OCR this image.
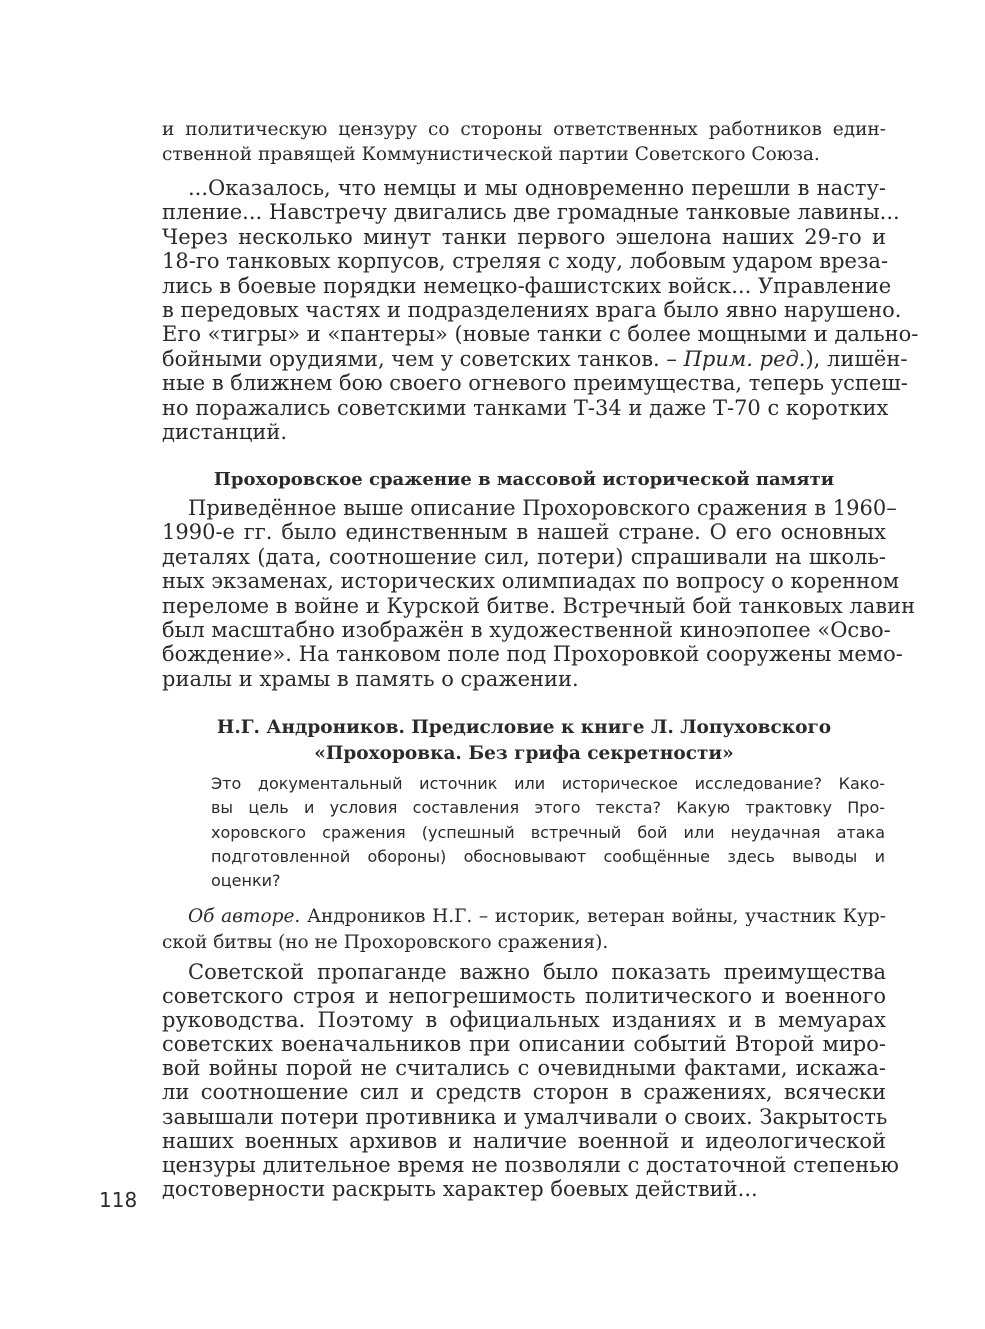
и политическую цензуру со стороны ответственных работников един-
ственной правящей Коммунистической партии Советского Союза.
...Оказалось, что немцы и мы одновременно перешли в насту-
пление... Навстречу двигались две громадные танковые лавины...
Через несколько минут танки первого эшелона наших 29-го и
18-го танковых корпусов, стреляя с ходу, лобовым ударом вреза-
лись в боевые порядки немецко-фашистских войск... Управление
в передовых частях и подразделениях врага было явно нарушено.
Его «тигры» и «пантеры» (новые танки с более мощными и дально-
бойными орудиями, чем у советских танков. – Прим. ред.), лишён-
ные в ближнем бою своего огневого преимущества, теперь успеш-
но поражались советскими танками Т-34 и даже Т-70 с коротких
дистанций.
Прохоровское сражение в массовой исторической памяти
Приведённое выше описание Прохоровского сражения в 1960–
1990-е гг. было единственным в нашей стране. О его основных
деталях (дата, соотношение сил, потери) спрашивали на школь-
ных экзаменах, исторических олимпиадах по вопросу о коренном
переломе в войне и Курской битве. Встречный бой танковых лавин
был масштабно изображён в художественной киноэпопее «Осво-
бождение». На танковом поле под Прохоровкой сооружены мемо-
риалы и храмы в память о сражении.
Н.Г. Андроников. Предисловие к книге Л. Лопуховского
«Прохоровка. Без грифа секретности»
Это документальный источник или историческое исследование? Како-
вы цель и условия составления этого текста? Какую трактовку Про-
хоровского сражения (успешный встречный бой или неудачная атака
подготовленной обороны) обосновывают сообщённые здесь выводы и
оценки?
Об авторе. Андроников Н.Г. – историк, ветеран войны, участник Кур-
ской битвы (но не Прохоровского сражения).
Советской пропаганде важно было показать преимущества
советского строя и непогрешимость политического и военного
руководства. Поэтому в официальных изданиях и в мемуарах
советских военачальников при описании событий Второй миро-
вой войны порой не считались с очевидными фактами, искажа-
ли соотношение сил и средств сторон в сражениях, всячески
завышали потери противника и умалчивали о своих. Закрытость
наших военных архивов и наличие военной и идеологической
цензуры длительное время не позволяли с достаточной степенью
достоверности раскрыть характер боевых действий...
118
